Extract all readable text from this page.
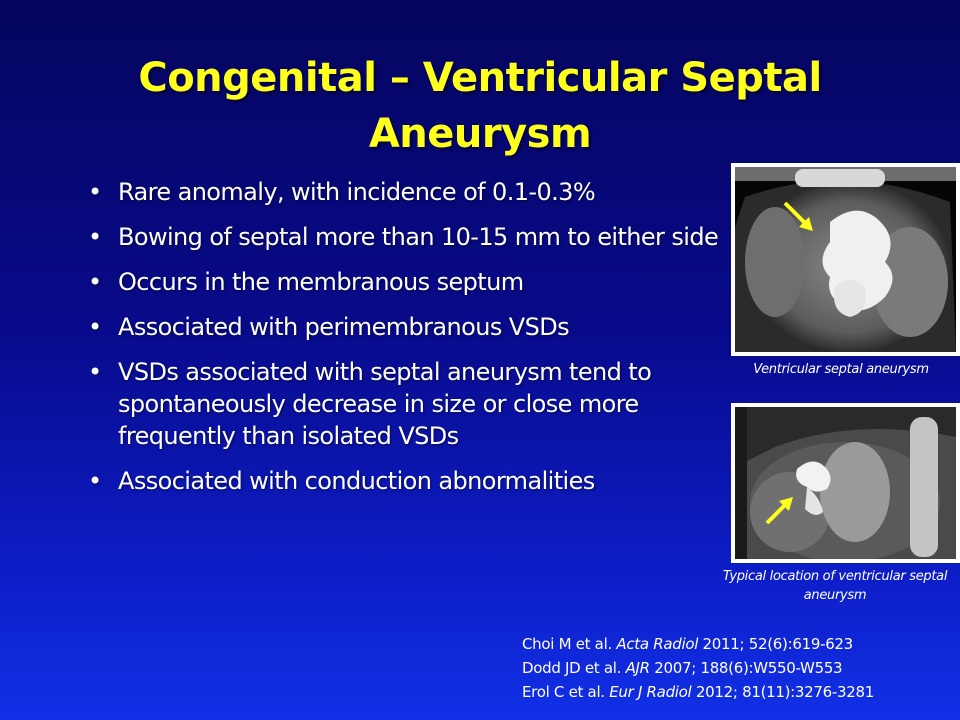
Congenital – Ventricular Septal
Aneurysm
• Rare anomaly, with incidence of 0.1-0.3%
• Bowing of septal more than 10-15 mm to either side
• Occurs in the membranous septum
• Associated with perimembranous VSDs
• VSDs associated with septal aneurysm tend to spontaneously decrease in size or close more frequently than isolated VSDs
• Associated with conduction abnormalities
Ventricular septal aneurysm
Typical location of ventricular septal aneurysm
Choi M et al. Acta Radiol 2011; 52(6):619-623
Dodd JD et al. AJR 2007; 188(6):W550-W553
Erol C et al. Eur J Radiol 2012; 81(11):3276-3281
